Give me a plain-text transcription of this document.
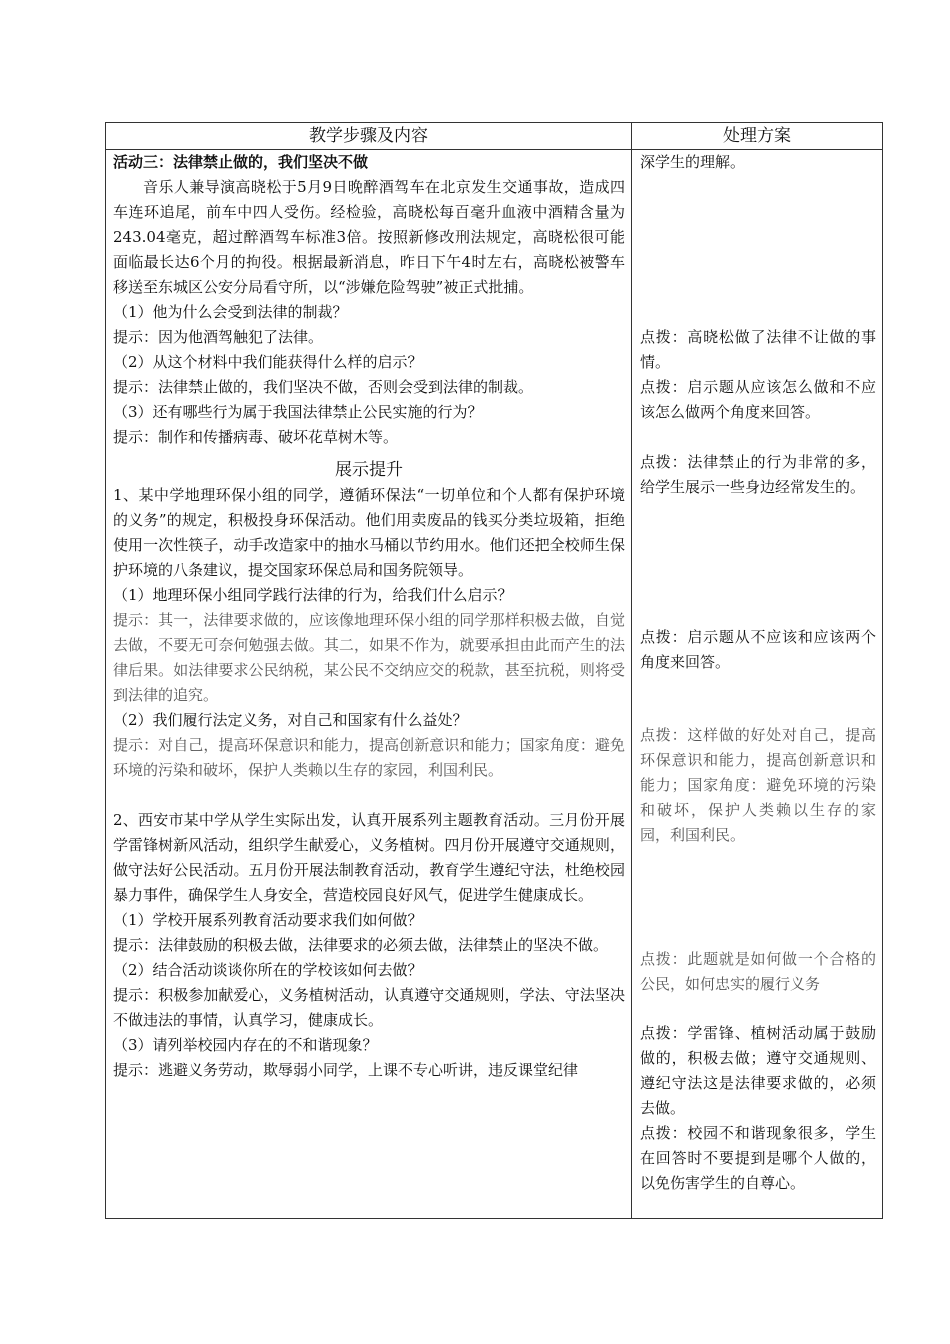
教学步骤及内容	处理方案

活动三：法律禁止做的，我们坚决不做

音乐人兼导演高晓松于5月9日晚醉酒驾车在北京发生交通事故，造成四车连环追尾，前车中四人受伤。经检验，高晓松每百毫升血液中酒精含量为243.04毫克，超过醉酒驾车标准3倍。按照新修改刑法规定，高晓松很可能面临最长达6个月的拘役。根据最新消息，昨日下午4时左右，高晓松被警车移送至东城区公安分局看守所，以“涉嫌危险驾驶”被正式批捕。

（1）他为什么会受到法律的制裁？

提示：因为他酒驾触犯了法律。

（2）从这个材料中我们能获得什么样的启示？

提示：法律禁止做的，我们坚决不做，否则会受到法律的制裁。

（3）还有哪些行为属于我国法律禁止公民实施的行为？

提示：制作和传播病毒、破坏花草树木等。

展示提升

1、某中学地理环保小组的同学，遵循环保法“一切单位和个人都有保护环境的义务”的规定，积极投身环保活动。他们用卖废品的钱买分类垃圾箱，拒绝使用一次性筷子，动手改造家中的抽水马桶以节约用水。他们还把全校师生保护环境的八条建议，提交国家环保总局和国务院领导。

（1）地理环保小组同学践行法律的行为，给我们什么启示？

提示：其一，法律要求做的，应该像地理环保小组的同学那样积极去做，自觉去做，不要无可奈何勉强去做。其二，如果不作为，就要承担由此而产生的法律后果。如法律要求公民纳税，某公民不交纳应交的税款，甚至抗税，则将受到法律的追究。

（2）我们履行法定义务，对自己和国家有什么益处？

提示：对自己，提高环保意识和能力，提高创新意识和能力；国家角度：避免环境的污染和破坏，保护人类赖以生存的家园，利国利民。

2、西安市某中学从学生实际出发，认真开展系列主题教育活动。三月份开展学雷锋树新风活动，组织学生献爱心，义务植树。四月份开展遵守交通规则，做守法好公民活动。五月份开展法制教育活动，教育学生遵纪守法，杜绝校园暴力事件，确保学生人身安全，营造校园良好风气，促进学生健康成长。

（1）学校开展系列教育活动要求我们如何做？

提示：法律鼓励的积极去做，法律要求的必须去做，法律禁止的坚决不做。

（2）结合活动谈谈你所在的学校该如何去做？

提示：积极参加献爱心，义务植树活动，认真遵守交通规则，学法、守法坚决不做违法的事情，认真学习，健康成长。

（3）请列举校园内存在的不和谐现象？

提示：逃避义务劳动，欺辱弱小同学，上课不专心听讲，违反课堂纪律

深学生的理解。

点拨：高晓松做了法律不让做的事情。

点拨：启示题从应该怎么做和不应该怎么做两个角度来回答。

点拨：法律禁止的行为非常的多，给学生展示一些身边经常发生的。

点拨：启示题从不应该和应该两个角度来回答。

点拨：这样做的好处对自己，提高环保意识和能力，提高创新意识和能力；国家角度：避免环境的污染和破坏，保护人类赖以生存的家园，利国利民。

点拨：此题就是如何做一个合格的公民，如何忠实的履行义务

点拨：学雷锋、植树活动属于鼓励做的，积极去做；遵守交通规则、遵纪守法这是法律要求做的，必须去做。

点拨：校园不和谐现象很多，学生在回答时不要提到是哪个人做的，以免伤害学生的自尊心。
